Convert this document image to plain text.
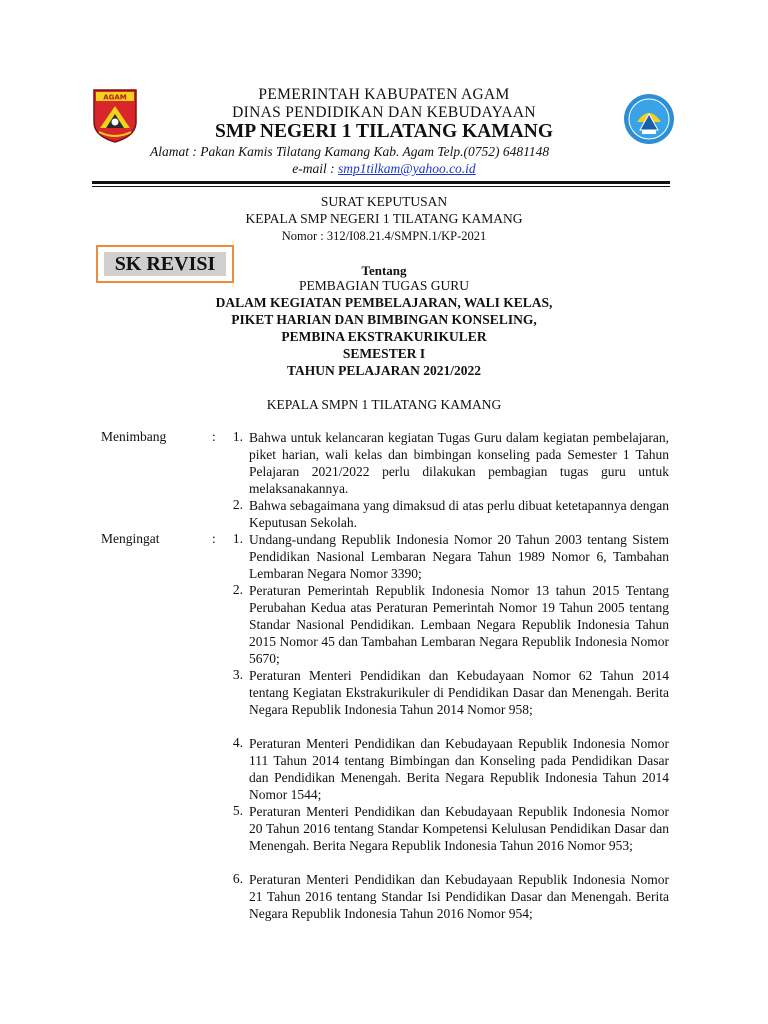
AGAM	PEMERINTAH KABUPATEN AGAM
DINAS PENDIDIKAN DAN KEBUDAYAAN
SMP NEGERI 1 TILATANG KAMANG
Alamat : Pakan Kamis Tilatang Kamang Kab. Agam Telp.(0752) 6481148
e-mail : smp1tilkam@yahoo.co.id
SURAT KEPUTUSAN
KEPALA SMP NEGERI 1 TILATANG KAMANG
Nomor : 312/I08.21.4/SMPN.1/KP-2021
SK REVISI	Tentang
PEMBAGIAN TUGAS GURU
DALAM KEGIATAN PEMBELAJARAN, WALI KELAS,
PIKET HARIAN DAN BIMBINGAN KONSELING,
PEMBINA EKSTRAKURIKULER
SEMESTER I
TAHUN PELAJARAN 2021/2022
KEPALA SMPN 1 TILATANG KAMANG
Menimbang	:	1. Bahwa untuk kelancaran kegiatan Tugas Guru dalam kegiatan pembelajaran, piket harian, wali kelas dan bimbingan konseling pada Semester 1 Tahun Pelajaran 2021/2022 perlu dilakukan pembagian tugas guru untuk melaksanakannya.

2. Bahwa sebagaimana yang dimaksud di atas perlu dibuat ketetapannya dengan Keputusan Sekolah.

Mengingat	:	1. Undang-undang Republik Indonesia Nomor 20 Tahun 2003 tentang Sistem Pendidikan Nasional Lembaran Negara Tahun 1989 Nomor 6, Tambahan Lembaran Negara Nomor 3390;

2. Peraturan Pemerintah Republik Indonesia Nomor 13 tahun 2015 Tentang Perubahan Kedua atas Peraturan Pemerintah Nomor 19 Tahun 2005 tentang Standar Nasional Pendidikan. Lembaan Negara Republik Indonesia Tahun 2015 Nomor 45 dan Tambahan Lembaran Negara Republik Indonesia Nomor 5670;

3. Peraturan Menteri Pendidikan dan Kebudayaan Nomor 62 Tahun 2014 tentang Kegiatan Ekstrakurikuler di Pendidikan Dasar dan Menengah. Berita Negara Republik Indonesia Tahun 2014 Nomor 958;

4. Peraturan Menteri Pendidikan dan Kebudayaan Republik Indonesia Nomor 111 Tahun 2014 tentang Bimbingan dan Konseling pada Pendidikan Dasar dan Pendidikan Menengah. Berita Negara Republik Indonesia Tahun 2014 Nomor 1544;

5. Peraturan Menteri Pendidikan dan Kebudayaan Republik Indonesia Nomor 20 Tahun 2016 tentang Standar Kompetensi Kelulusan Pendidikan Dasar dan Menengah. Berita Negara Republik Indonesia Tahun 2016 Nomor 953;

6. Peraturan Menteri Pendidikan dan Kebudayaan Republik Indonesia Nomor 21 Tahun 2016 tentang Standar Isi Pendidikan Dasar dan Menengah. Berita Negara Republik Indonesia Tahun 2016 Nomor 954;
